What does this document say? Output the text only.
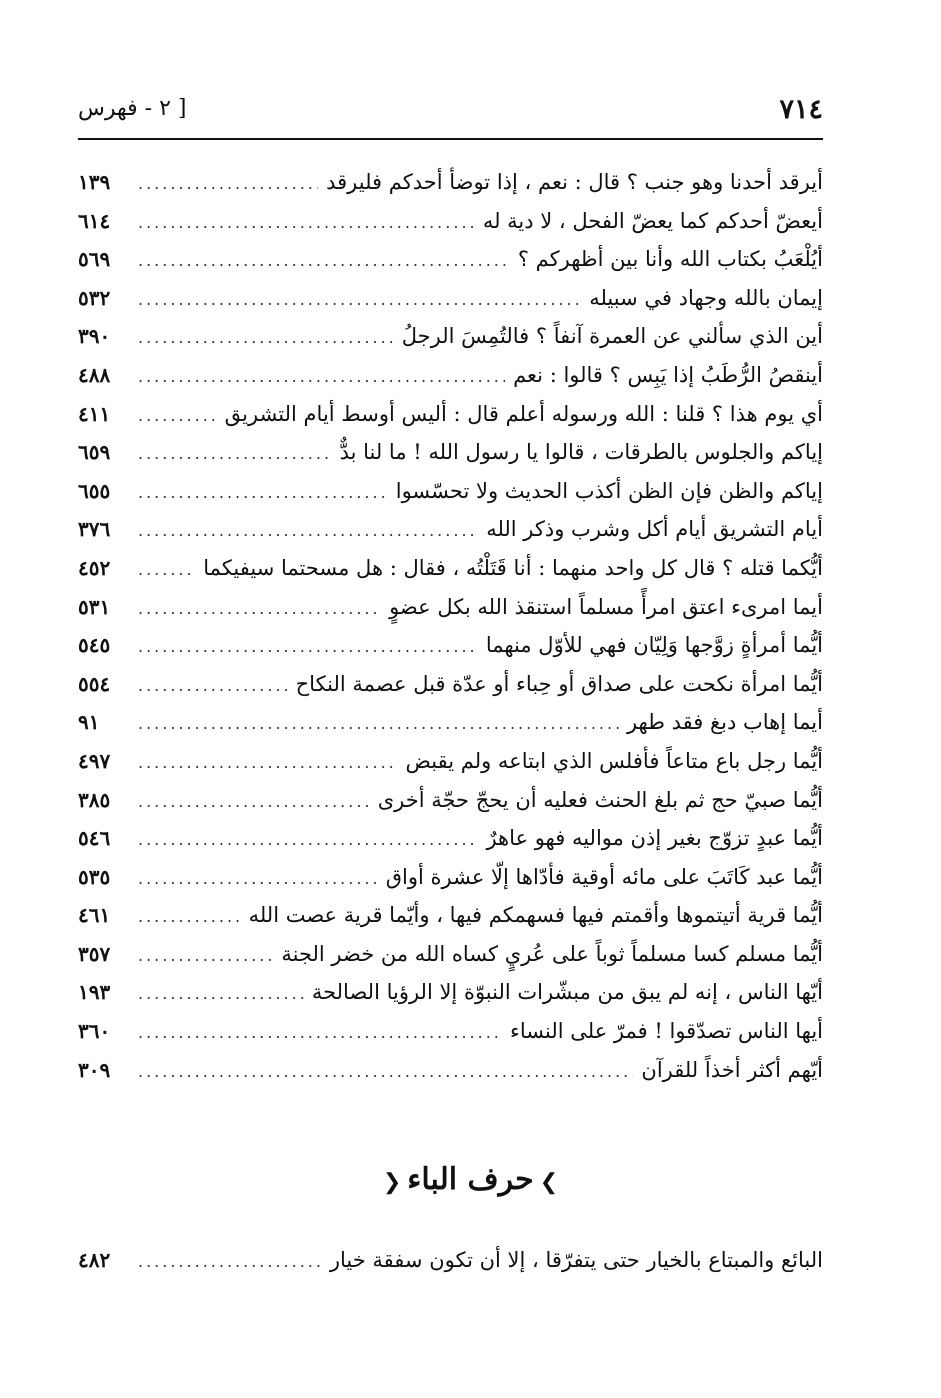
٧١٤
[ ٢ - فهرس
أيرقد أحدنا وهو جنب ؟ قال : نعم ، إذا توضأ أحدكم فليرقد
.....
١٣٩
أيعضّ أحدكم كما يعضّ الفحل ، لا دية له
.....
٦١٤
أيُلْعَبُ بكتاب الله وأنا بين أظهركم ؟
.....
٥٦٩
إيمان بالله وجهاد في سبيله
.....
٥٣٢
أين الذي سألني عن العمرة آنفاً ؟ فالتُمِسَ الرجلُ
.....
٣٩٠
أينقصُ الرُّطَبُ إذا يَبِس ؟ قالوا : نعم
.....
٤٨٨
أي يوم هذا ؟ قلنا : الله ورسوله أعلم قال : أليس أوسط أيام التشريق
.....
٤١١
إياكم والجلوس بالطرقات ، قالوا يا رسول الله ! ما لنا بدٌّ
.....
٦٥٩
إياكم والظن فإن الظن أكذب الحديث ولا تحسّسوا
.....
٦٥٥
أيام التشريق أيام أكل وشرب وذكر الله
.....
٣٧٦
أيُّكما قتله ؟ قال كل واحد منهما : أنا قَتَلْتُه ، فقال : هل مسحتما سيفيكما
.....
٤٥٢
أيما امرىء اعتق امرأً مسلماً استنقذ الله بكل عضوٍ
.....
٥٣١
أيُّما أمرأةٍ زوَّجها وَلِيّان فهي للأوّل منهما
.....
٥٤٥
أيُّما امرأة نكحت على صداق أو حِباء أو عدّة قبل عصمة النكاح
.....
٥٥٤
أيما إهاب دبغ فقد طهر
.....
٩١
أيُّما رجل باع متاعاً فأفلس الذي ابتاعه ولم يقبض
.....
٤٩٧
أيُّما صبيّ حج ثم بلغ الحنث فعليه أن يحجّ حجّة أخرى
.....
٣٨٥
أيُّما عبدٍ تزوّج بغير إذن مواليه فهو عاهرٌ
.....
٥٤٦
أيُّما عبد كَاتَبَ على مائه أوقية فأدّاها إلّا عشرة أواق
.....
٥٣٥
أيُّما قرية أتيتموها وأقمتم فيها فسهمكم فيها ، وأيّما قرية عصت الله
.....
٤٦١
أيُّما مسلم كسا مسلماً ثوباً على عُريٍ كساه الله من خضر الجنة
.....
٣٥٧
أيّها الناس ، إنه لم يبق من مبشّرات النبوّة إلا الرؤيا الصالحة
.....
١٩٣
أيها الناس تصدّقوا ! فمرّ على النساء
.....
٣٦٠
أيّهم أكثر أخذاً للقرآن
.....
٣٠٩
❯حرف الباء❮
البائع والمبتاع بالخيار حتى يتفرّقا ، إلا أن تكون سفقة خيار
.....
٤٨٢
